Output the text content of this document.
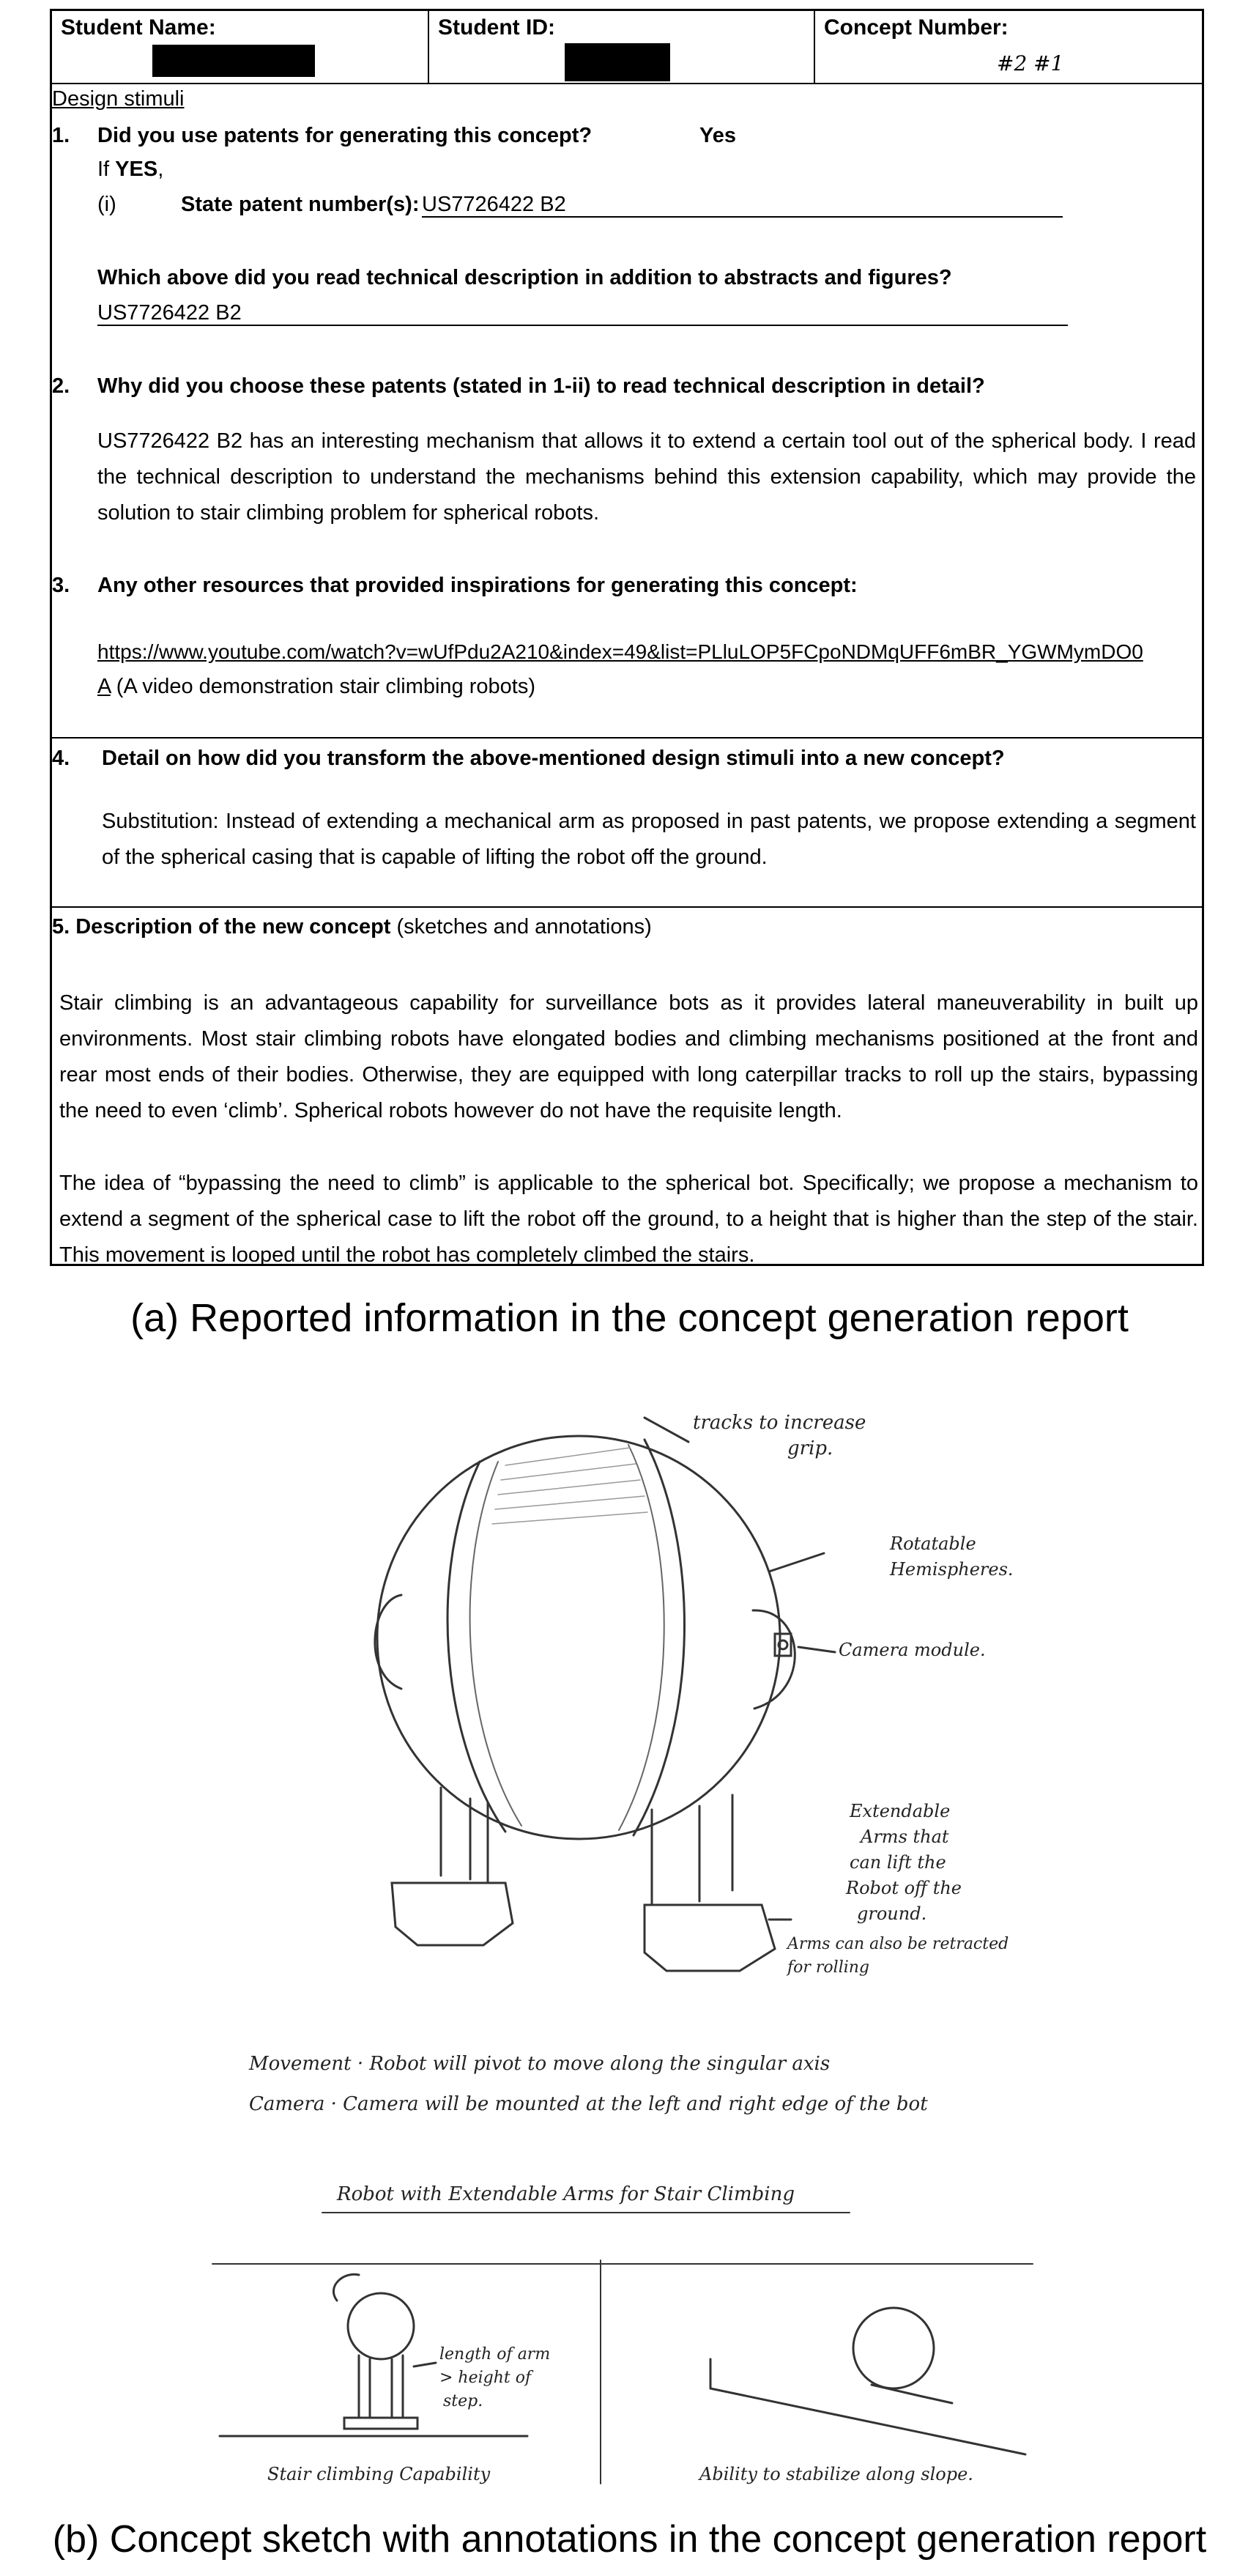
Student Name:	Student ID:	Concept Number:
#2 #1
Design stimuli
1. Did you use patents for generating this concept?	Yes
If YES,
(i)	State patent number(s): US7726422 B2
Which above did you read technical description in addition to abstracts and figures?
US7726422 B2
2. Why did you choose these patents (stated in 1-ii) to read technical description in detail?
US7726422 B2 has an interesting mechanism that allows it to extend a certain tool out of the spherical body. I read the technical description to understand the mechanisms behind this extension capability, which may provide the solution to stair climbing problem for spherical robots.
3. Any other resources that provided inspirations for generating this concept:
https://www.youtube.com/watch?v=wUfPdu2A210&index=49&list=PLluLOP5FCpoNDMqUFF6mBR_YGWMymDO0
A (A video demonstration stair climbing robots)
4. Detail on how did you transform the above-mentioned design stimuli into a new concept?
Substitution: Instead of extending a mechanical arm as proposed in past patents, we propose extending a segment of the spherical casing that is capable of lifting the robot off the ground.
5. Description of the new concept (sketches and annotations)
Stair climbing is an advantageous capability for surveillance bots as it provides lateral maneuverability in built up environments. Most stair climbing robots have elongated bodies and climbing mechanisms positioned at the front and rear most ends of their bodies. Otherwise, they are equipped with long caterpillar tracks to roll up the stairs, bypassing the need to even ‘climb’. Spherical robots however do not have the requisite length.
The idea of “bypassing the need to climb” is applicable to the spherical bot. Specifically; we propose a mechanism to extend a segment of the spherical case to lift the robot off the ground, to a height that is higher than the step of the stair. This movement is looped until the robot has completely climbed the stairs.
(a) Reported information in the concept generation report
tracks to increase
grip.
Rotatable
Hemispheres.
Camera module.
Extendable
Arms that
can lift the
Robot off the
ground.
Arms can also be retracted
for rolling
Movement · Robot will pivot to move along the singular axis
Camera · Camera will be mounted at the left and right edge of the bot
Robot with Extendable Arms for Stair Climbing
length of arm
> height of
step.
Stair climbing Capability	Ability to stabilize along slope.
(b) Concept sketch with annotations in the concept generation report
